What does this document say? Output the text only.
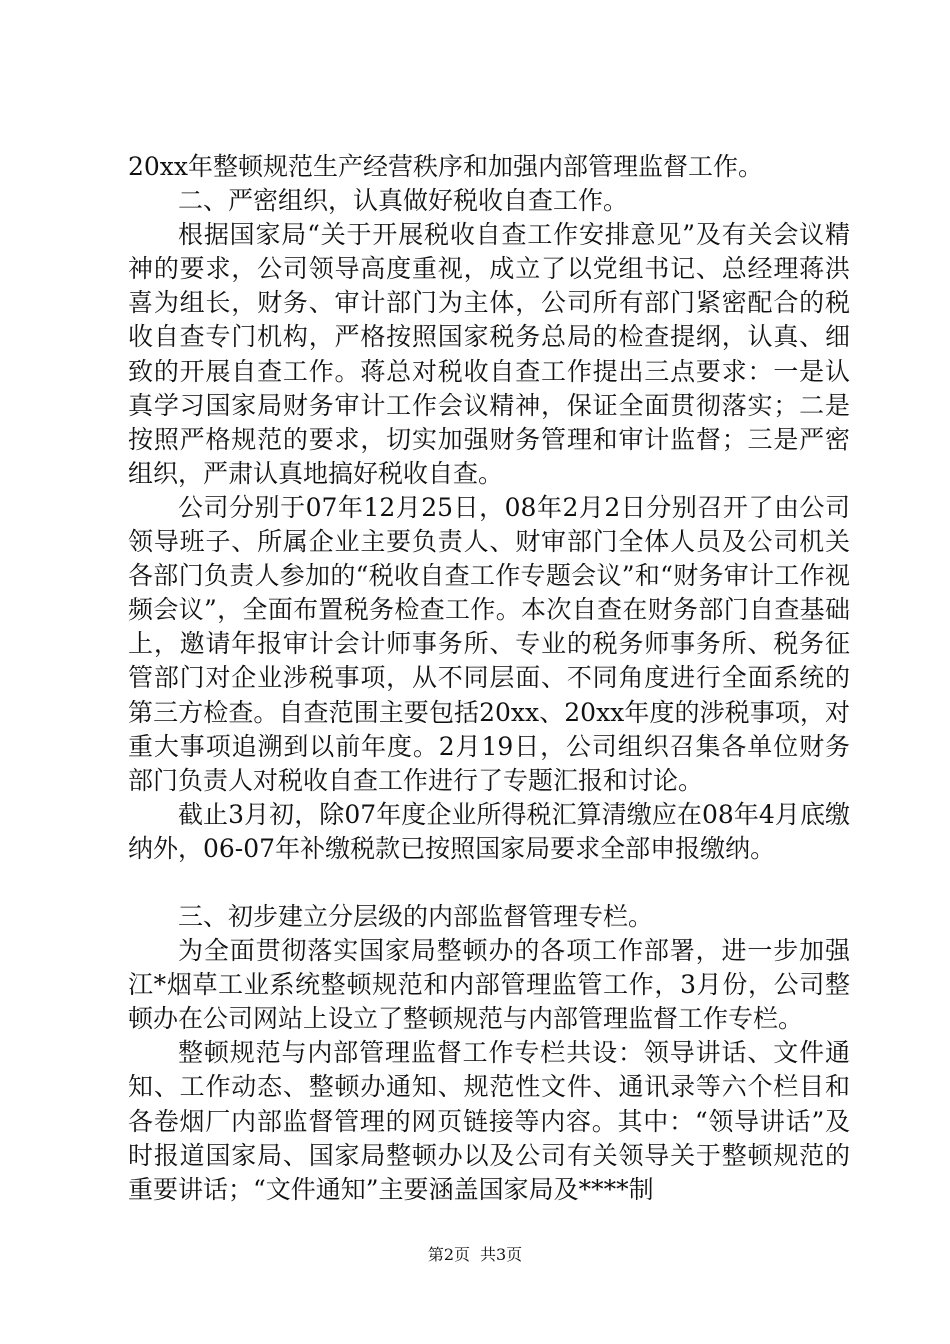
20xx年整顿规范生产经营秩序和加强内部管理监督工作。

二、严密组织，认真做好税收自查工作。

根据国家局“关于开展税收自查工作安排意见”及有关会议精神的要求，公司领导高度重视，成立了以党组书记、总经理蒋洪喜为组长，财务、审计部门为主体，公司所有部门紧密配合的税收自查专门机构，严格按照国家税务总局的检查提纲，认真、细致的开展自查工作。蒋总对税收自查工作提出三点要求：一是认真学习国家局财务审计工作会议精神，保证全面贯彻落实；二是按照严格规范的要求，切实加强财务管理和审计监督；三是严密组织，严肃认真地搞好税收自查。

公司分别于07年12月25日，08年2月2日分别召开了由公司领导班子、所属企业主要负责人、财审部门全体人员及公司机关各部门负责人参加的“税收自查工作专题会议”和“财务审计工作视频会议”，全面布置税务检查工作。本次自查在财务部门自查基础上，邀请年报审计会计师事务所、专业的税务师事务所、税务征管部门对企业涉税事项，从不同层面、不同角度进行全面系统的第三方检查。自查范围主要包括20xx、20xx年度的涉税事项，对重大事项追溯到以前年度。2月19日，公司组织召集各单位财务部门负责人对税收自查工作进行了专题汇报和讨论。

截止3月初，除07年度企业所得税汇算清缴应在08年4月底缴纳外，06-07年补缴税款已按照国家局要求全部申报缴纳。

三、初步建立分层级的内部监督管理专栏。

为全面贯彻落实国家局整顿办的各项工作部署，进一步加强江*烟草工业系统整顿规范和内部管理监管工作，3月份，公司整顿办在公司网站上设立了整顿规范与内部管理监督工作专栏。

整顿规范与内部管理监督工作专栏共设：领导讲话、文件通知、工作动态、整顿办通知、规范性文件、通讯录等六个栏目和各卷烟厂内部监督管理的网页链接等内容。其中：“领导讲话”及时报道国家局、国家局整顿办以及公司有关领导关于整顿规范的重要讲话；“文件通知”主要涵盖国家局及****制

第2页 共3页
